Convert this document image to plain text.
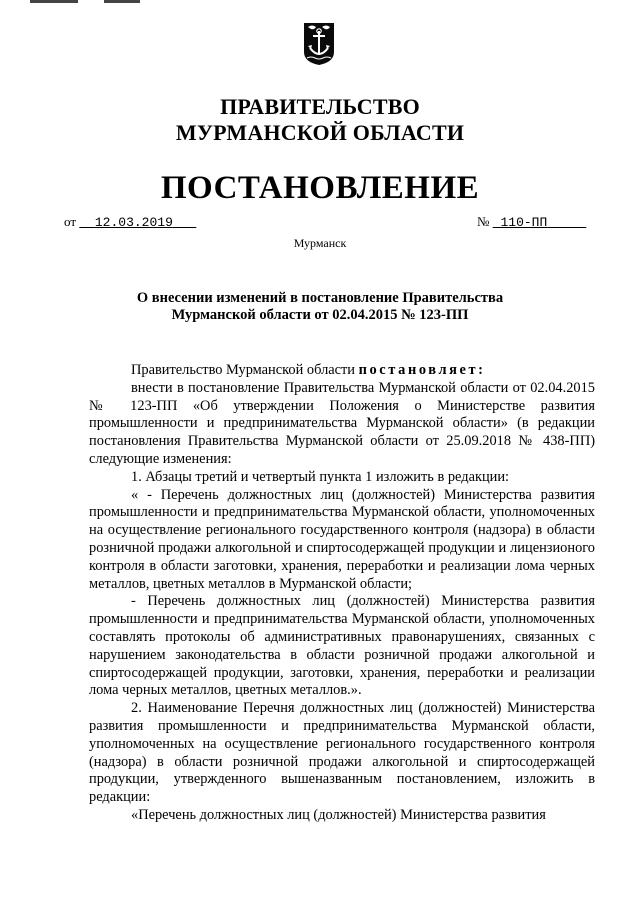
ПРАВИТЕЛЬСТВО
МУРМАНСКОЙ ОБЛАСТИ
ПОСТАНОВЛЕНИЕ
от 12.03.2019	№ 110-ПП
Мурманск
О внесении изменений в постановление Правительства
Мурманской области от 02.04.2015 № 123-ПП

Правительство Мурманской области постановляет:

внести в постановление Правительства Мурманской области от 02.04.2015 № 123-ПП «Об утверждении Положения о Министерстве развития промышленности и предпринимательства Мурманской области» (в редакции постановления Правительства Мурманской области от 25.09.2018 № 438-ПП) следующие изменения:

1. Абзацы третий и четвертый пункта 1 изложить в редакции:

« - Перечень должностных лиц (должностей) Министерства развития промышленности и предпринимательства Мурманской области, уполномоченных на осуществление регионального государственного контроля (надзора) в области розничной продажи алкогольной и спиртосодержащей продукции и лицензионого контроля в области заготовки, хранения, переработки и реализации лома черных металлов, цветных металлов в Мурманской области;

- Перечень должностных лиц (должностей) Министерства развития промышленности и предпринимательства Мурманской области, уполномоченных составлять протоколы об административных правонарушениях, связанных с нарушением законодательства в области розничной продажи алкогольной и спиртосодержащей продукции, заготовки, хранения, переработки и реализации лома черных металлов, цветных металлов.».

2. Наименование Перечня должностных лиц (должностей) Министерства развития промышленности и предпринимательства Мурманской области, уполномоченных на осуществление регионального государственного контроля (надзора) в области розничной продажи алкогольной и спиртосодержащей продукции, утвержденного вышеназванным постановлением, изложить в редакции:

«Перечень должностных лиц (должностей) Министерства развития
